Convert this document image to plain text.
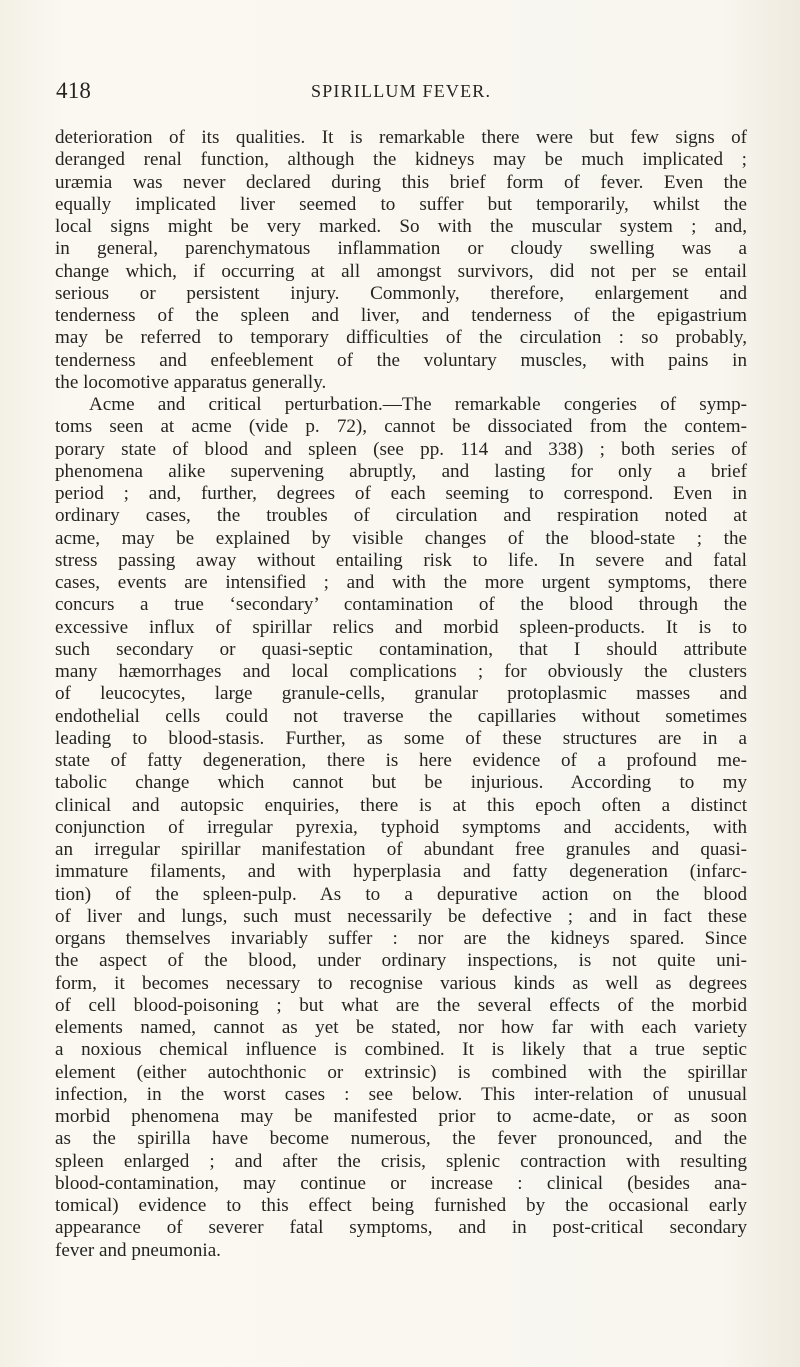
418	SPIRILLUM FEVER.

deterioration of its qualities. It is remarkable there were but few signs of
deranged renal function, although the kidneys may be much implicated ;
uræmia was never declared during this brief form of fever. Even the
equally implicated liver seemed to suffer but temporarily, whilst the
local signs might be very marked. So with the muscular system ; and,
in general, parenchymatous inflammation or cloudy swelling was a
change which, if occurring at all amongst survivors, did not per se entail
serious or persistent injury. Commonly, therefore, enlargement and
tenderness of the spleen and liver, and tenderness of the epigastrium
may be referred to temporary difficulties of the circulation : so probably,
tenderness and enfeeblement of the voluntary muscles, with pains in
the locomotive apparatus generally.

Acme and critical perturbation.—The remarkable congeries of symp-
toms seen at acme (vide p. 72), cannot be dissociated from the contem-
porary state of blood and spleen (see pp. 114 and 338) ; both series of
phenomena alike supervening abruptly, and lasting for only a brief
period ; and, further, degrees of each seeming to correspond. Even in
ordinary cases, the troubles of circulation and respiration noted at
acme, may be explained by visible changes of the blood-state ; the
stress passing away without entailing risk to life. In severe and fatal
cases, events are intensified ; and with the more urgent symptoms, there
concurs a true ‘secondary’ contamination of the blood through the
excessive influx of spirillar relics and morbid spleen-products. It is to
such secondary or quasi-septic contamination, that I should attribute
many hæmorrhages and local complications ; for obviously the clusters
of leucocytes, large granule-cells, granular protoplasmic masses and
endothelial cells could not traverse the capillaries without sometimes
leading to blood-stasis. Further, as some of these structures are in a
state of fatty degeneration, there is here evidence of a profound me-
tabolic change which cannot but be injurious. According to my
clinical and autopsic enquiries, there is at this epoch often a distinct
conjunction of irregular pyrexia, typhoid symptoms and accidents, with
an irregular spirillar manifestation of abundant free granules and quasi-
immature filaments, and with hyperplasia and fatty degeneration (infarc-
tion) of the spleen-pulp. As to a depurative action on the blood
of liver and lungs, such must necessarily be defective ; and in fact these
organs themselves invariably suffer : nor are the kidneys spared. Since
the aspect of the blood, under ordinary inspections, is not quite uni-
form, it becomes necessary to recognise various kinds as well as degrees
of cell blood-poisoning ; but what are the several effects of the morbid
elements named, cannot as yet be stated, nor how far with each variety
a noxious chemical influence is combined. It is likely that a true septic
element (either autochthonic or extrinsic) is combined with the spirillar
infection, in the worst cases : see below. This inter-relation of unusual
morbid phenomena may be manifested prior to acme-date, or as soon
as the spirilla have become numerous, the fever pronounced, and the
spleen enlarged ; and after the crisis, splenic contraction with resulting
blood-contamination, may continue or increase : clinical (besides ana-
tomical) evidence to this effect being furnished by the occasional early
appearance of severer fatal symptoms, and in post-critical secondary
fever and pneumonia.
